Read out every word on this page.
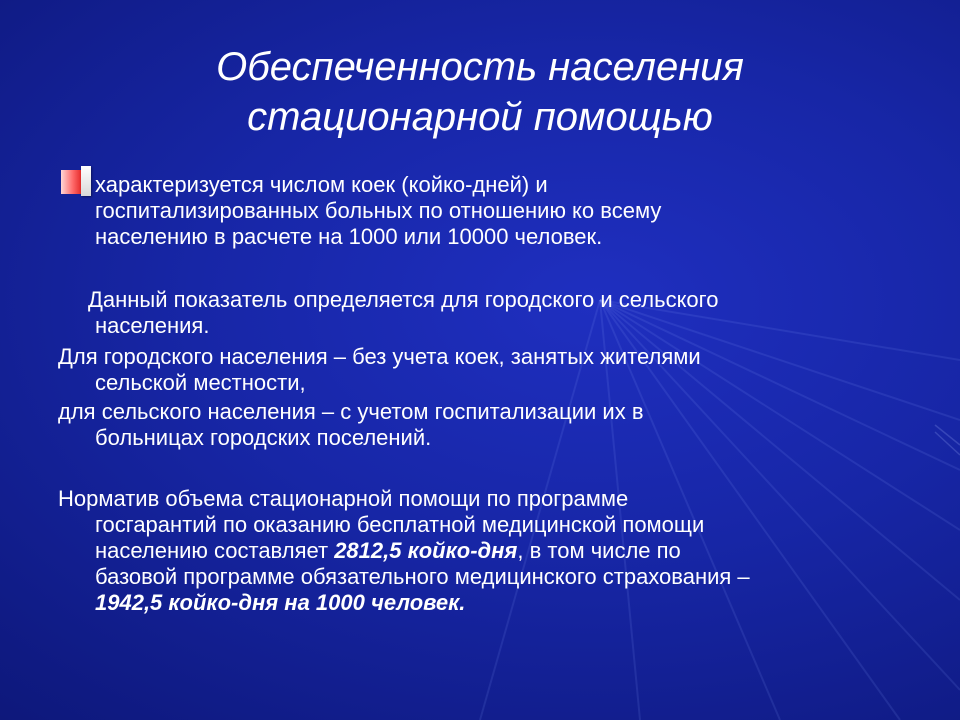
Обеспеченность населения
стационарной помощью
характеризуется числом коек (койко-дней) и
госпитализированных больных по отношению ко всему
населению в расчете на 1000 или 10000 человек.
Данный показатель определяется для городского и сельского
населения.
Для городского населения – без учета коек, занятых жителями
сельской местности,
для сельского населения – с учетом госпитализации их в
больницах городских поселений.
Норматив объема стационарной помощи по программе
госгарантий по оказанию бесплатной медицинской помощи
населению составляет 2812,5 койко-дня, в том числе по
базовой программе обязательного медицинского страхования –
1942,5 койко-дня на 1000 человек.
